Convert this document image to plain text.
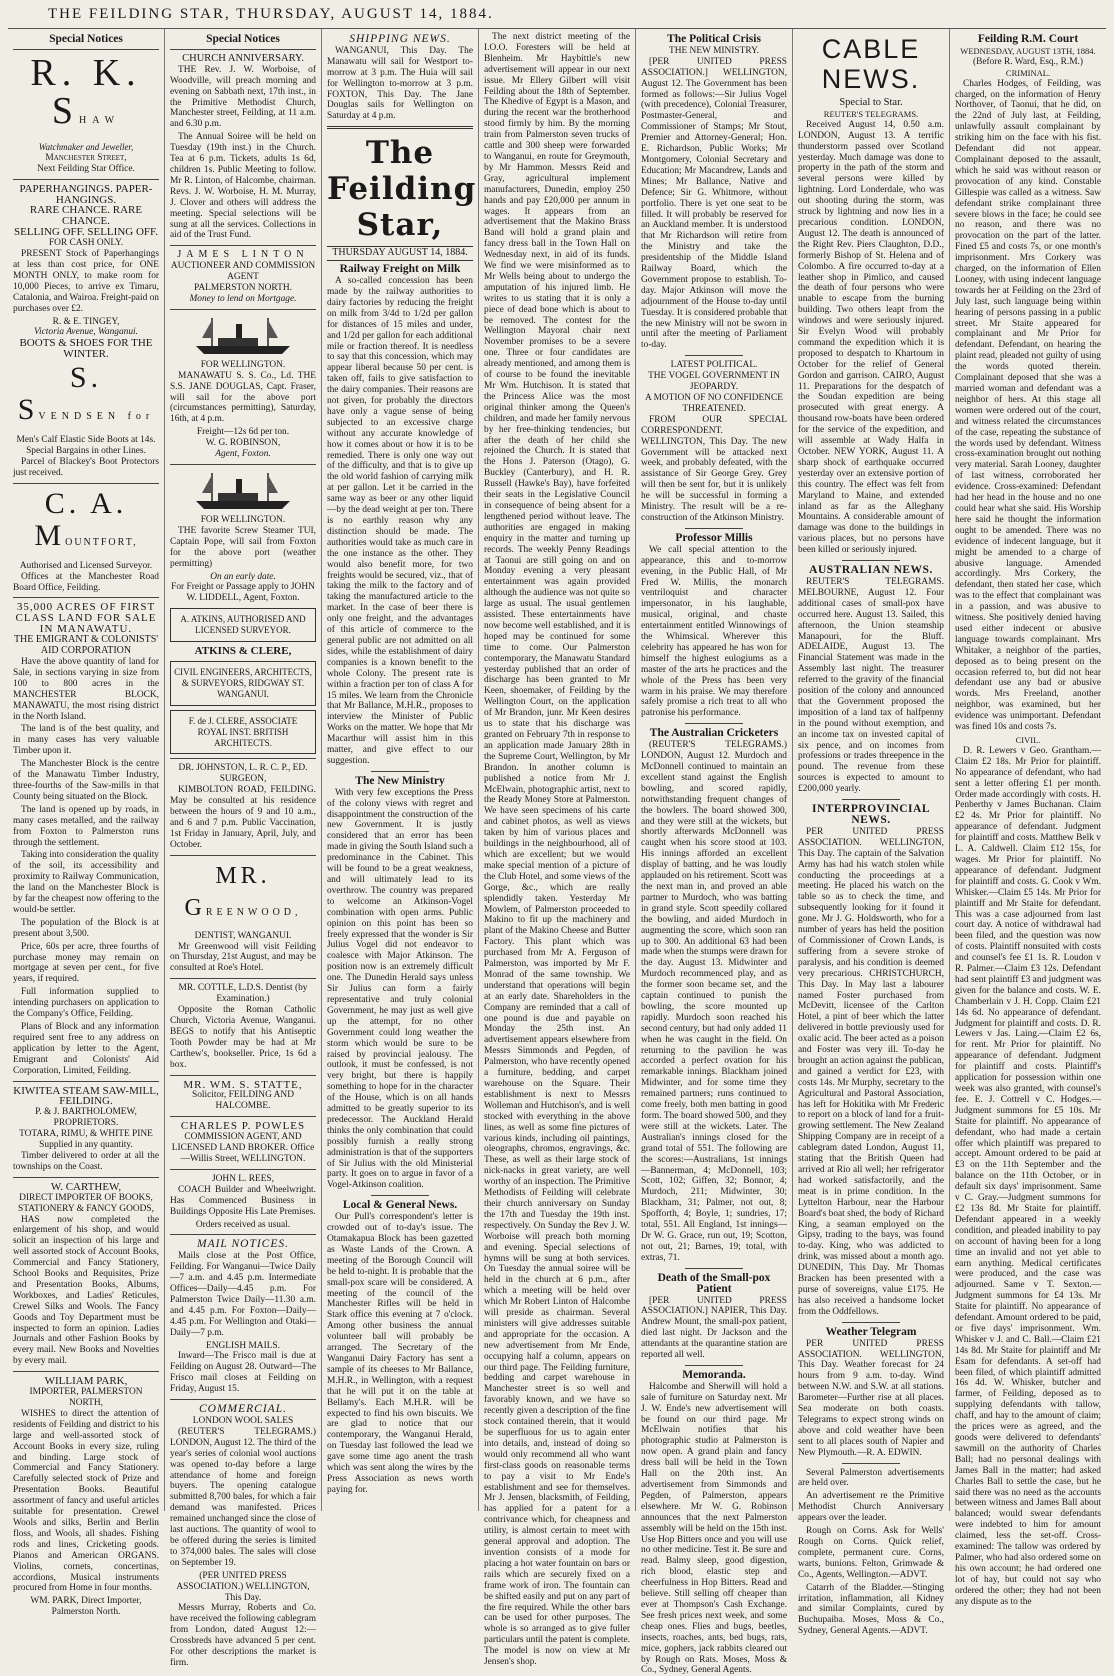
THE FEILDING STAR, THURSDAY, AUGUST 14, 1884.
Special Notices
R. K. SHAW
Watchmaker and Jeweller,
Manchester Street,
Next Feilding Star Office.
PAPERHANGINGS. PAPER-HANGINGS.
RARE CHANCE. RARE CHANCE.
SELLING OFF. SELLING OFF.
FOR CASH ONLY.

PRESENT Stock of Paperhangings at less than cost price, for ONE MONTH ONLY, to make room for 10,000 Pieces, to arrive ex Timaru, Catalonia, and Wairoa. Freight-paid on purchases over £2.

R. & E. TINGEY,
Victoria Avenue, Wanganui.
BOOTS & SHOES FOR THE WINTER.
S. SVENDSEN for
Men's Calf Elastic Side Boots at 14s.
Special Bargains in other Lines.

Parcel of Blackey's Boot Protectors just received.

C. A. MOUNTFORT,
Authorised and Licensed Surveyor.

Offices at the Manchester Road Board Office, Feilding.

35,000 ACRES OF FIRST CLASS LAND FOR SALE IN MANAWATU.
THE EMIGRANT & COLONISTS' AID CORPORATION

Have the above quantity of land for Sale, in sections varying in size from 100 to 800 acres in the MANCHESTER BLOCK, MANAWATU, the most rising district in the North Island.

The land is of the best quality, and in many cases has very valuable Timber upon it.

The Manchester Block is the centre of the Manawatu Timber Industry, three-fourths of the Saw-mills in that County being situated on the Block.

The land is opened up by roads, in many cases metalled, and the railway from Foxton to Palmerston runs through the settlement.

Taking into consideration the quality of the soil, its accessibility and proximity to Railway Communication, the land on the Manchester Block is by far the cheapest now offering to the would-be settler.

The population of the Block is at present about 3,500.

Price, 60s per acre, three fourths of purchase money may remain on mortgage at seven per cent., for five years, if required.

Full information supplied to intending purchasers on application to the Company's Office, Feilding.

Plans of Block and any information required sent free to any address on application by letter to the Agent, Emigrant and Colonists' Aid Corporation, Limited, Feilding.

KIWITEA STEAM SAW-MILL, FEILDING.
P. & J. BARTHOLOMEW, PROPRIETORS.
TOTARA, RIMU, & WHITE PINE Supplied in any quantity.

Timber delivered to order at all the townships on the Coast.

W. CARTHEW,
DIRECT IMPORTER OF BOOKS, STATIONERY & FANCY GOODS,

HAS now completed the enlargement of his shop, and would solicit an inspection of his large and well assorted stock of Account Books, Commercial and Fancy Stationery, School Books and Requisites, Prize and Presentation Books, Albums, Workboxes, and Ladies' Reticules, Crewel Silks and Wools. The Fancy Goods and Toy Department must be inspected to form an opinion. Ladies Journals and other Fashion Books by every mail. New Books and Novelties by every mail.

WILLIAM PARK,
IMPORTER, PALMERSTON NORTH,

WISHES to direct the attention of residents of Feilding and district to his large and well-assorted stock of Account Books in every size, ruling and binding. Large stock of Commercial and Fancy Stationery. Carefully selected stock of Prize and Presentation Books. Beautiful assortment of fancy and useful articles suitable for presentation. Crewel Wools and silks, Berlin and Berlin floss, and Wools, all shades. Fishing rods and lines, Cricketing goods. Pianos and American ORGANS. Violins, cornets, concertinas, accordions, Musical instruments procured from Home in four months.

WM. PARK, Direct Importer, Palmerston North.
Special Notices
CHURCH ANNIVERSARY.

THE Rev. J. W. Worboise, of Woodville, will preach morning and evening on Sabbath next, 17th inst., in the Primitive Methodist Church, Manchester street, Feilding, at 11 a.m. and 6.30 p.m.

The Annual Soiree will be held on Tuesday (19th inst.) in the Church. Tea at 6 p.m. Tickets, adults 1s 6d, children 1s. Public Meeting to follow. Mr R. Linton, of Halcombe, chairman. Revs. J. W. Worboise, H. M. Murray, J. Clover and others will address the meeting. Special selections will be sung at all the services. Collections in aid of the Trust Fund.

JAMES LINTON
AUCTIONEER AND COMMISSION AGENT
PALMERSTON NORTH.
Money to lend on Mortgage.
FOR WELLINGTON.

MANAWATU S. S. Co., Ld. THE S.S. JANE DOUGLAS, Capt. Fraser, will sail for the above port (circumstances permitting), Saturday, 16th, at 4 p.m.

Freight—12s 6d per ton.
W. G. ROBINSON,
Agent, Foxton.
FOR WELLINGTON.

THE favorite Screw Steamer TUI, Captain Pope, will sail from Foxton for the above port (weather permitting)

On an early date.

For Freight or Passage apply to JOHN W. LIDDELL, Agent, Foxton.

A. ATKINS, AUTHORISED AND LICENSED SURVEYOR.
ATKINS & CLERE,
CIVIL ENGINEERS, ARCHITECTS, & SURVEYORS, RIDGWAY ST. WANGANUI.
F. de J. CLERE, ASSOCIATE ROYAL INST. BRITISH ARCHITECTS.
DR. JOHNSTON, L. R. C. P., ED. SURGEON,

KIMBOLTON ROAD, FEILDING. May be consulted at his residence between the hours of 9 and 10 a.m., and 6 and 7 p.m. Public Vaccination, 1st Friday in January, April, July, and October.

MR. GREENWOOD,
DENTIST, WANGANUI.

Mr Greenwood will visit Feilding on Thursday, 21st August, and may be consulted at Roe's Hotel.

MR. COTTLE, L.D.S. Dentist (by Examination.)

Opposite the Roman Catholic Church, Victoria Avenue, Wanganui. BEGS to notify that his Antiseptic Tooth Powder may be had at Mr Carthew's, bookseller. Price, 1s 6d a box.

MR. WM. S. STATTE,
Solicitor, FEILDING AND HALCOMBE.
CHARLES P. POWLES
COMMISSION AGENT, AND LICENSED LAND BROKER. Office—Willis Street, WELLINGTON.
JOHN L. REES,

COACH Builder and Wheelwright. Has Commenced Business in Buildings Opposite His Late Premises.

Orders received as usual.
MAIL NOTICES.

Mails close at the Post Office, Feilding. For Wanganui—Twice Daily—7 a.m. and 4.45 p.m. Intermediate Offices—Daily—4.45 p.m. For Palmerston Twice Daily—11.30 a.m. and 4.45 p.m. For Foxton—Daily—4.45 p.m. For Wellington and Otaki—Daily—7 p.m.

ENGLISH MAILS.

Inward—The Frisco mail is due at Feilding on August 28. Outward—The Frisco mail closes at Feilding on Friday, August 15.

COMMERCIAL.
LONDON WOOL SALES

(REUTER'S TELEGRAMS.) LONDON, August 12. The third of the year's series of colonial wool auctions was opened to-day before a large attendance of home and foreign buyers. The opening catalogue submitted 8,700 bales, for which a fair demand was manifested. Prices remained unchanged since the close of last auctions. The quantity of wool to be offered during the series is limited to 374,000 bales. The sales will close on September 19.

(PER UNITED PRESS ASSOCIATION.) WELLINGTON, This Day.

Messrs Murray, Roberts and Co. have received the following cablegram from London, dated August 12:—Crossbreds have advanced 5 per cent. For other descriptions the market is firm.

SHIPPING NEWS.

WANGANUI, This Day. The Manawatu will sail for Westport to-morrow at 3 p.m. The Huia will sail for Wellington to-morrow at 3 p.m. FOXTON, This Day. The Jane Douglas sails for Wellington on Saturday at 4 p.m.

The Feilding Star,
THURSDAY AUGUST 14, 1884.
Railway Freight on Milk

A so-called concession has been made by the railway authorities to dairy factories by reducing the freight on milk from 3/4d to 1/2d per gallon for distances of 15 miles and under, and 1/2d per gallon for each additional mile or fraction thereof. It is needless to say that this concession, which may appear liberal because 50 per cent. is taken off, fails to give satisfaction to the dairy companies. Their reasons are not given, for probably the directors have only a vague sense of being subjected to an excessive charge without any accurate knowledge of how it comes about or how it is to be remedied. There is only one way out of the difficulty, and that is to give up the old world fashion of carrying milk at per gallon. Let it be carried in the same way as beer or any other liquid—by the dead weight at per ton. There is no earthly reason why any distinction should be made. The authorities would take as much care in the one instance as the other. They would also benefit more, for two freights would be secured, viz., that of taking the milk to the factory and of taking the manufactured article to the market. In the case of beer there is only one freight, and the advantages of this article of commerce to the general public are not admitted on all sides, while the establishment of dairy companies is a known benefit to the whole Colony. The present rate is within a fraction per ton of class A for 15 miles. We learn from the Chronicle that Mr Ballance, M.H.R., proposes to interview the Minister of Public Works on the matter. We hope that Mr Macarthur will assist him in this matter, and give effect to our suggestion.

The New Ministry

With very few exceptions the Press of the colony views with regret and disappointment the construction of the new Government. It is justly considered that an error has been made in giving the South Island such a predominance in the Cabinet. This will be found to be a great weakness, and will ultimately lead to its overthrow. The country was prepared to welcome an Atkinson-Vogel combination with open arms. Public opinion on this point has been so freely expressed that the wonder is Sir Julius Vogel did not endeavor to coalesce with Major Atkinson. The position now is an extremely difficult one. The Dunedin Herald says unless Sir Julius can form a fairly representative and truly colonial Government, he may just as well give up the attempt, for no other Government could long weather the storm which would be sure to be raised by provincial jealousy. The outlook, it must be confessed, is not very bright, but there is happily something to hope for in the character of the House, which is on all hands admitted to be greatly superior to its predecessor. The Auckland Herald thinks the only combination that could possibly furnish a really strong administration is that of the supporters of Sir Julius with the old Ministerial party. It goes on to argue in favor of a Vogel-Atkinson coalition.

Local & General News.

Our Pull's correspondent's letter is crowded out of to-day's issue. The Otamakapua Block has been gazetted as Waste Lands of the Crown. A meeting of the Borough Council will be held to-night. It is probable that the small-pox scare will be considered. A meeting of the council of the Manchester Rifles will be held in Stark office this evening at 7 o'clock. Among other business the annual volunteer ball will probably be arranged. The Secretary of the Wanganui Dairy Factory has sent a sample of its cheeses to Mr Ballance, M.H.R., in Wellington, with a request that he will put it on the table at Bellamy's. Each M.H.R. will be expected to find his own biscuits. We are glad to notice that our contemporary, the Wanganui Herald, on Tuesday last followed the lead we gave some time ago anent the trash which was sent along the wires by the Press Association as news worth paying for.

The next district meeting of the I.O.O. Foresters will be held at Blenheim. Mr Haybittle's new advertisement will appear in our next issue. Mr Ellery Gilbert will visit Feilding about the 18th of September. The Khedive of Egypt is a Mason, and during the recent war the brotherhood stood firmly by him. By the morning train from Palmerston seven trucks of cattle and 300 sheep were forwarded to Wanganui, en route for Greymouth, by Mr Hammon. Messrs Reid and Gray, agricultural implement manufacturers, Dunedin, employ 250 hands and pay £20,000 per annum in wages. It appears from an advertisement that the Makino Brass Band will hold a grand plain and fancy dress ball in the Town Hall on Wednesday next, in aid of its funds. We find we were misinformed as to Mr Wells being about to undergo the amputation of his injured limb. He writes to us stating that it is only a piece of dead bone which is about to be removed. The contest for the Wellington Mayoral chair next November promises to be a severe one. Three or four candidates are already mentioned, and among them is of course to be found the inevitable Mr Wm. Hutchison. It is stated that the Princess Alice was the most original thinker among the Queen's children, and made her family nervous by her free-thinking tendencies, but after the death of her child she rejoined the Church. It is stated that the Hons J. Paterson (Otago), G. Buckley (Canterbury), and H. R. Russell (Hawke's Bay), have forfeited their seats in the Legislative Council in consequence of being absent for a lengthened period without leave. The authorities are engaged in making enquiry in the matter and turning up records. The weekly Penny Readings at Taonui are still going on and on Monday evening a very pleasant entertainment was again provided although the audience was not quite so large as usual. The usual gentlemen assisted. These entertainments have now become well established, and it is hoped may be continued for some time to come. Our Palmerston contemporary, the Manawatu Standard yesterday published that an order of discharge has been granted to Mr Keen, shoemaker, of Feilding by the Wellington Court, on the application of Mr Brandon, junr. Mr Keen desires us to state that his discharge was granted on February 7th in response to an application made January 28th in the Supreme Court, Wellington, by Mr Brandon. In another column is published a notice from Mr J. McElwain, photographic artist, next to the Ready Money Store at Palmerston. We have seen specimens of his carte and cabinet photos, as well as views taken by him of various places and buildings in the neighbourhood, all of which are excellent; but we would make special mention of a picture of the Club Hotel, and some views of the Gorge, &c., which are really splendidly taken. Yesterday Mr Mowlem, of Palmerston proceeded to Makino to fit up the machinery and plant of the Makino Cheese and Butter Factory. This plant which was purchased from Mr A. Ferguson of Palmerston, was imported by Mr F. Monrad of the same township. We understand that operations will begin at an early date. Shareholders in the Company are reminded that a call of one pound is due and payable on Monday the 25th inst. An advertisement appears elsewhere from Messrs Simmonds and Pegden, of Palmerston, who have recently opened a furniture, bedding, and carpet warehouse on the Square. Their establishment is next to Messrs Wolleman and Hutchison's, and is well stocked with everything in the above lines, as well as some fine pictures of various kinds, including oil paintings, oleographs, chromos, engravings, &c. These, as well as their large stock of nick-nacks in great variety, are well worthy of an inspection. The Primitive Methodists of Feilding will celebrate their church anniversary on Sunday the 17th and Tuesday the 19th inst. respectively. On Sunday the Rev J. W. Worboise will preach both morning and evening. Special selections of hymns will be sung at both services. On Tuesday the annual soiree will be held in the church at 6 p.m., after which a meeting will be held over which Mr Robert Linton of Halcombe will preside as chairman. Several ministers will give addresses suitable and appropriate for the occasion. A new advertisement from Mr Ende, occupying half a column, appears on our third page. The Feilding furniture, bedding and carpet warehouse in Manchester street is so well and favorably known, and we have so recently given a description of the fine stock contained therein, that it would be superfluous for us to again enter into details, and, instead of doing so would only recommend all who want first-class goods on reasonable terms to pay a visit to Mr Ende's establishment and see for themselves. Mr J. Jensen, blacksmith, of Feilding, has applied for a patent for a contrivance which, for cheapness and utility, is almost certain to meet with general approval and adoption. The invention consists of a mode for placing a hot water fountain on bars or rails which are securely fixed on a frame work of iron. The fountain can be shifted easily and put on any part of the fire required. While the other bars can be used for other purposes. The whole is so arranged as to give fuller particulars until the patent is complete. The model is now on view at Mr Jensen's shop.

The Political Crisis
THE NEW MINISTRY.

[PER UNITED PRESS ASSOCIATION.] WELLINGTON, August 12. The Government has been formed as follows:—Sir Julius Vogel (with precedence), Colonial Treasurer, Postmaster-General, and Commissioner of Stamps; Mr Stout, Premier and Attorney-General; Hon. E. Richardson, Public Works; Mr Montgomery, Colonial Secretary and Education; Mr Macandrew, Lands and Mines; Mr Ballance, Native and Defence; Sir G. Whitmore, without portfolio. There is yet one seat to be filled. It will probably be reserved for an Auckland member. It is understood that Mr Richardson will retire from the Ministry and take the presidentship of the Middle Island Railway Board, which the Government propose to establish. To-day. Major Atkinson will move the adjournment of the House to-day until Tuesday. It is considered probable that the new Ministry will not be sworn in until after the meeting of Parliament to-day.

LATEST POLITICAL.
THE VOGEL GOVERNMENT IN JEOPARDY.
A MOTION OF NO CONFIDENCE THREATENED.

FROM OUR SPECIAL CORRESPONDENT. WELLINGTON, This Day. The new Government will be attacked next week, and probably defeated, with the assistance of Sir George Grey. Grey will then be sent for, but it is unlikely he will be successful in forming a Ministry. The result will be a re-construction of the Atkinson Ministry.

Professor Millis

We call special attention to the appearance, this and to-morrow evening, in the Public Hall, of Mr Fred W. Millis, the monarch ventriloquist and character impersonator, in his laughable, musical, original, and chaste entertainment entitled Winnowings of the Whimsical. Wherever this celebrity has appeared he has won for himself the highest eulogiums as a master of the arts he practices and the whole of the Press has been very warm in his praise. We may therefore safely promise a rich treat to all who patronise his performance.

The Australian Cricketers

(REUTER'S TELEGRAMS.) LONDON, August 12. Murdoch and McDonnell continued to maintain an excellent stand against the English bowling, and scored rapidly, notwithstanding frequent changes of the bowlers. The board showed 300, and they were still at the wickets, but shortly afterwards McDonnell was caught when his score stood at 103. His innings afforded an excellent display of batting, and he was loudly applauded on his retirement. Scott was the next man in, and proved an able partner to Murdoch, who was batting in grand style. Scott speedily collared the bowling, and aided Murdoch in augmenting the score, which soon ran up to 300. An additional 63 had been made when the stumps were drawn for the day. August 13. Midwinter and Murdoch recommenced play, and as the former soon became set, and the captain continued to punish the bowling, the score mounted up rapidly. Murdoch soon reached his second century, but had only added 11 when he was caught in the field. On returning to the pavilion he was accorded a perfect ovation for his remarkable innings. Blackham joined Midwinter, and for some time they remained partners; runs continued to come freely, both men batting in good form. The board showed 500, and they were still at the wickets. Later. The Australian's innings closed for the grand total of 551. The following are the scores:—Australians, 1st innings—Bannerman, 4; McDonnell, 103; Scott, 102; Giffen, 32; Bonnor, 4; Murdoch, 211; Midwinter, 30; Blackham, 31; Palmer, not out, 8; Spofforth, 4; Boyle, 1; sundries, 17; total, 551. All England, 1st innings—Dr W. G. Grace, run out, 19; Scotton, not out, 21; Barnes, 19; total, with extras, 71.

Death of the Small-pox Patient

[PER UNITED PRESS ASSOCIATION.] NAPIER, This Day. Andrew Mount, the small-pox patient, died last night. Dr Jackson and the attendants at the quarantine station are reported all well.

Memoranda.

Halcombe and Sherwill will hold a sale of furniture on Saturday next. Mr J. W. Ende's new advertisement will be found on our third page. Mr McElwain notifies that his photographic studio at Palmerston is now open. A grand plain and fancy dress ball will be held in the Town Hall on the 20th inst. An advertisement from Simmonds and Pegden, of Palmerston, appears elsewhere. Mr W. G. Robinson announces that the next Palmerston assembly will be held on the 15th inst. Use Hop Bitters once and you will use no other medicine. Test it. Be sure and read. Balmy sleep, good digestion, rich blood, elastic step and cheerfulness in Hop Bitters. Read and believe. Still selling off cheaper than ever at Thompson's Cash Exchange. See fresh prices next week, and some cheap ones. Flies and bugs, beetles, insects, roaches, ants, bed bugs, rats, mice, gophers, jack rabbits cleared out by Rough on Rats. Moses, Moss & Co., Sydney, General Agents.

CABLE NEWS.
Special to Star.
REUTER'S TELEGRAMS.

Received August 14, 0.50 a.m. LONDON, August 13. A terrific thunderstorm passed over Scotland yesterday. Much damage was done to property in the path of the storm and several persons were killed by lightning. Lord Londerdale, who was out shooting during the storm, was struck by lightning and now lies in a precarious condition. LONDON, August 12. The death is announced of the Right Rev. Piers Claughton, D.D., formerly Bishop of St. Helena and of Colombo. A fire occurred to-day at a leather shop in Pimlico, and caused the death of four persons who were unable to escape from the burning building. Two others leapt from the windows and were seriously injured. Sir Evelyn Wood will probably command the expedition which it is proposed to despatch to Khartoum in October for the relief of General Gordon and garrison. CAIRO, August 11. Preparations for the despatch of the Soudan expedition are being prosecuted with great energy. A thousand row-boats have been ordered for the service of the expedition, and will assemble at Wady Halfa in October. NEW YORK, August 11. A sharp shock of earthquake occurred yesterday over an extensive portion of this country. The effect was felt from Maryland to Maine, and extended inland as far as the Alleghany Mountains. A considerable amount of damage was done to the buildings in various places, but no persons have been killed or seriously injured.

AUSTRALIAN NEWS.

REUTER'S TELEGRAMS. MELBOURNE, August 12. Four additional cases of small-pox have occurred here. August 13. Sailed, this afternoon, the Union steamship Manapouri, for the Bluff. ADELAIDE, August 13. The Financial Statement was made in the Assembly last night. The treasurer referred to the gravity of the financial position of the colony and announced that the Government proposed the imposition of a land tax of halfpenny in the pound without exemption, and an income tax on invested capital of six pence, and on incomes from professions or trades threepence in the pound. The revenue from these sources is expected to amount to £200,000 yearly.

INTERPROVINCIAL NEWS.

PER UNITED PRESS ASSOCIATION. WELLINGTON, This Day. The captain of the Salvation Army has had his watch stolen while conducting the proceedings at a meeting. He placed his watch on the table so as to check the time, and subsequently looking for it found it gone. Mr J. G. Holdsworth, who for a number of years has held the position of Commissioner of Crown Lands, is suffering from a severe stroke of paralysis, and his condition is deemed very precarious. CHRISTCHURCH, This Day. In May last a labourer named Foster purchased from McDevitt, licensee of the Carlton Hotel, a pint of beer which the latter delivered in bottle previously used for oxalic acid. The beer acted as a poison and Foster was very ill. To-day he brought an action against the publican, and gained a verdict for £23, with costs 14s. Mr Murphy, secretary to the Agricultural and Pastoral Association, has left for Hokitika with Mr Frederic to report on a block of land for a fruit-growing settlement. The New Zealand Shipping Company are in receipt of a cablegram dated London, August 11, stating that the British Queen had arrived at Rio all well; her refrigerator had worked satisfactorily, and the meat is in prime condition. In the Lyttelton Harbour, near the Harbour Board's boat shed, the body of Richard King, a seaman employed on the Gipsy, trading to the bays, was found to-day. King, who was addicted to drink, was missed about a month ago. DUNEDIN, This Day. Mr Thomas Bracken has been presented with a purse of sovereigns, value £175. He has also received a handsome locket from the Oddfellows.

Weather Telegram

PER UNITED PRESS ASSOCIATION. WELLINGTON, This Day. Weather forecast for 24 hours from 9 a.m. to-day. Wind between N.W. and S.W. at all stations. Barometer—Further rise at all places. Sea moderate on both coasts. Telegrams to expect strong winds on above and cold weather have been sent to all places south of Napier and New Plymouth.—R. A. EDWIN.

Several Palmerston advertisements are held over.

An advertisement re the Primitive Methodist Church Anniversary appears over the leader.

Rough on Corns. Ask for Wells' Rough on Corns. Quick relief, complete, permanent cure. Corns, warts, bunions. Felton, Grimwade & Co., Agents, Wellington.—ADVT.

Catarrh of the Bladder.—Stinging irritation, inflammation, all Kidney and similar Complaints, cured by Buchupaiba. Moses, Moss & Co., Sydney, General Agents.—ADVT.

Feilding R.M. Court
WEDNESDAY, AUGUST 13TH, 1884.
(Before R. Ward, Esq., R.M.)
CRIMINAL.

Charles Hodges, of Feilding, was charged, on the information of Henry Northover, of Taonui, that he did, on the 22nd of July last, at Feilding, unlawfully assault complainant by striking him on the face with his fist. Defendant did not appear. Complainant deposed to the assault, which he said was without reason or provocation of any kind. Constable Gillespie was called as a witness. Saw defendant strike complainant three severe blows in the face; he could see no reason, and there was no provocation on the part of the latter. Fined £5 and costs 7s, or one month's imprisonment. Mrs Corkery was charged, on the information of Ellen Looney, with using indecent language towards her at Feilding on the 23rd of July last, such language being within hearing of persons passing in a public street. Mr Staite appeared for complainant and Mr Prior for defendant. Defendant, on hearing the plaint read, pleaded not guilty of using the words quoted therein. Complainant deposed that she was a married woman and defendant was a neighbor of hers. At this stage all women were ordered out of the court, and witness related the circumstances of the case, repeating the substance of the words used by defendant. Witness cross-examination brought out nothing very material. Sarah Looney, daughter of last witness, corroborated her evidence. Cross-examined: Defendant had her head in the house and no one could hear what she said. His Worship here said he thought the information ought to be amended. There was no evidence of indecent language, but it might be amended to a charge of abusive language. Amended accordingly. Mrs Corkery, the defendant, then stated her case, which was to the effect that complainant was in a passion, and was abusive to witness. She positively denied having used either indecent or abusive language towards complainant. Mrs Whitaker, a neighbor of the parties, deposed as to being present on the occasion referred to, but did not hear defendant use any bad or abusive words. Mrs Freeland, another neighbor, was examined, but her evidence was unimportant. Defendant was fined 10s and costs 7s.

CIVIL.

D. R. Lewers v Geo. Grantham.—Claim £2 18s. Mr Prior for plaintiff. No appearance of defendant, who had sent a letter offering £1 per month. Order made accordingly with costs. H. Penberthy v James Buchanan. Claim £2 4s. Mr Prior for plaintiff. No appearance of defendant. Judgment for plaintiff and costs. Matthew Belk v L. A. Caldwell. Claim £12 15s, for wages. Mr Prior for plaintiff. No appearance of defendant. Judgment for plaintiff and costs. G. Cook v Wm. Whisker.—Claim £5 14s. Mr Prior for plaintiff and Mr Staite for defendant. This was a case adjourned from last court day. A notice of withdrawal had been filed, and the question was now of costs. Plaintiff nonsuited with costs and counsel's fee £1 1s. R. Loudon v R. Palmer.—Claim £3 12s. Defendant had sent plaintiff £3 and judgment was given for the balance and costs. W. E. Chamberlain v J. H. Copp. Claim £21 14s 6d. No appearance of defendant. Judgment for plaintiff and costs. D. R. Lewers v Jas. Laing.—Claim £2 6s, for rent. Mr Prior for plaintiff. No appearance of defendant. Judgment for plaintiff and costs. Plaintiff's application for possession within one week was also granted, with counsel's fee. E. J. Cottrell v C. Hodges.—Judgment summons for £5 10s. Mr Staite for plaintiff. No appearance of defendant, who had made a certain offer which plaintiff was prepared to accept. Amount ordered to be paid at £3 on the 11th September and the balance on the 11th October, or in default six days' imprisonment. Same v C. Gray.—Judgment summons for £2 13s 8d. Mr Staite for plaintiff. Defendant appeared in a weekly condition, and pleaded inability to pay on account of having been for a long time an invalid and not yet able to earn anything. Medical certificates were produced, and the case was adjourned. Same v T. Sexton.—Judgment summons for £4 13s. Mr Staite for plaintiff. No appearance of defendant. Amount ordered to be paid, or five days' imprisonment. Wm. Whisker v J. and C. Ball.—Claim £21 14s 8d. Mr Staite for plaintiff and Mr Esam for defendants. A set-off had been filed, of which plaintiff admitted 16s 4d. W. Whisker, butcher and farmer, of Feilding, deposed as to supplying defendants with tallow, chaff, and hay to the amount of claim; the prices were as agreed, and the goods were delivered to defendants' sawmill on the authority of Charles Ball; had no personal dealings with James Ball in the matter; had asked Charles Ball to settle the case, but he said there was no need as the accounts between witness and James Ball about balanced; would swear defendants were indebted to him for amount claimed, less the set-off. Cross-examined: The tallow was ordered by Palmer, who had also ordered some on his own account; he had ordered one lot of hay, but could not say who ordered the other; they had not been any dispute as to the
